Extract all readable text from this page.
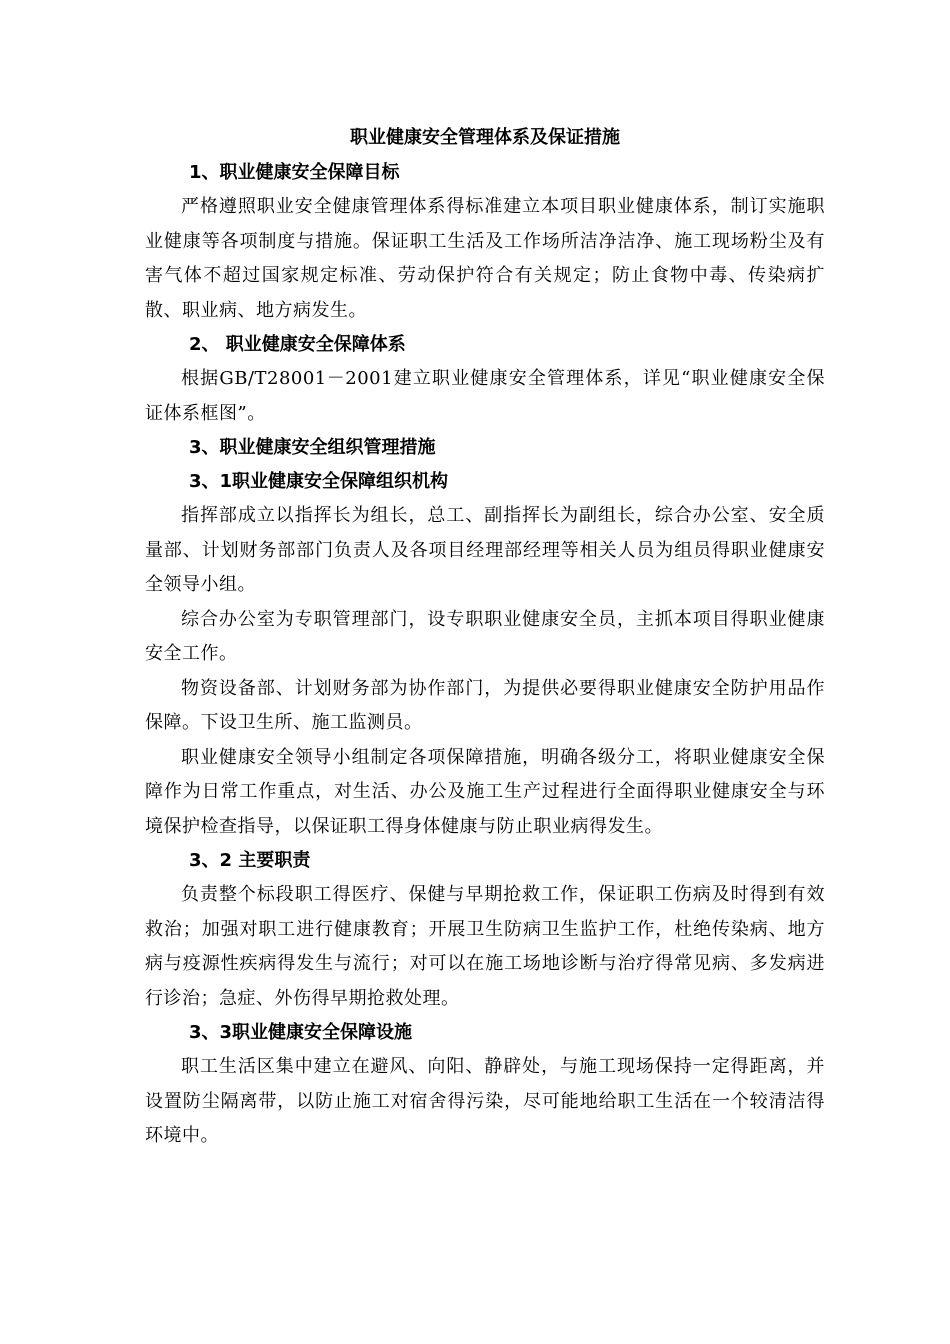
职业健康安全管理体系及保证措施
1、职业健康安全保障目标
严格遵照职业安全健康管理体系得标准建立本项目职业健康体系，制订实施职业健康等各项制度与措施。保证职工生活及工作场所洁净洁净、施工现场粉尘及有害气体不超过国家规定标准、劳动保护符合有关规定；防止食物中毒、传染病扩散、职业病、地方病发生。
2、 职业健康安全保障体系
根据GB/T28001－2001建立职业健康安全管理体系，详见“职业健康安全保证体系框图”。
3、职业健康安全组织管理措施
3、1职业健康安全保障组织机构
指挥部成立以指挥长为组长，总工、副指挥长为副组长，综合办公室、安全质量部、计划财务部部门负责人及各项目经理部经理等相关人员为组员得职业健康安全领导小组。
综合办公室为专职管理部门，设专职职业健康安全员，主抓本项目得职业健康安全工作。
物资设备部、计划财务部为协作部门，为提供必要得职业健康安全防护用品作保障。下设卫生所、施工监测员。
职业健康安全领导小组制定各项保障措施，明确各级分工，将职业健康安全保障作为日常工作重点，对生活、办公及施工生产过程进行全面得职业健康安全与环境保护检查指导，以保证职工得身体健康与防止职业病得发生。
3、2 主要职责
负责整个标段职工得医疗、保健与早期抢救工作，保证职工伤病及时得到有效救治；加强对职工进行健康教育；开展卫生防病卫生监护工作，杜绝传染病、地方病与疫源性疾病得发生与流行；对可以在施工场地诊断与治疗得常见病、多发病进行诊治；急症、外伤得早期抢救处理。
3、3职业健康安全保障设施
职工生活区集中建立在避风、向阳、静辟处，与施工现场保持一定得距离，并设置防尘隔离带，以防止施工对宿舍得污染，尽可能地给职工生活在一个较清洁得环境中。
